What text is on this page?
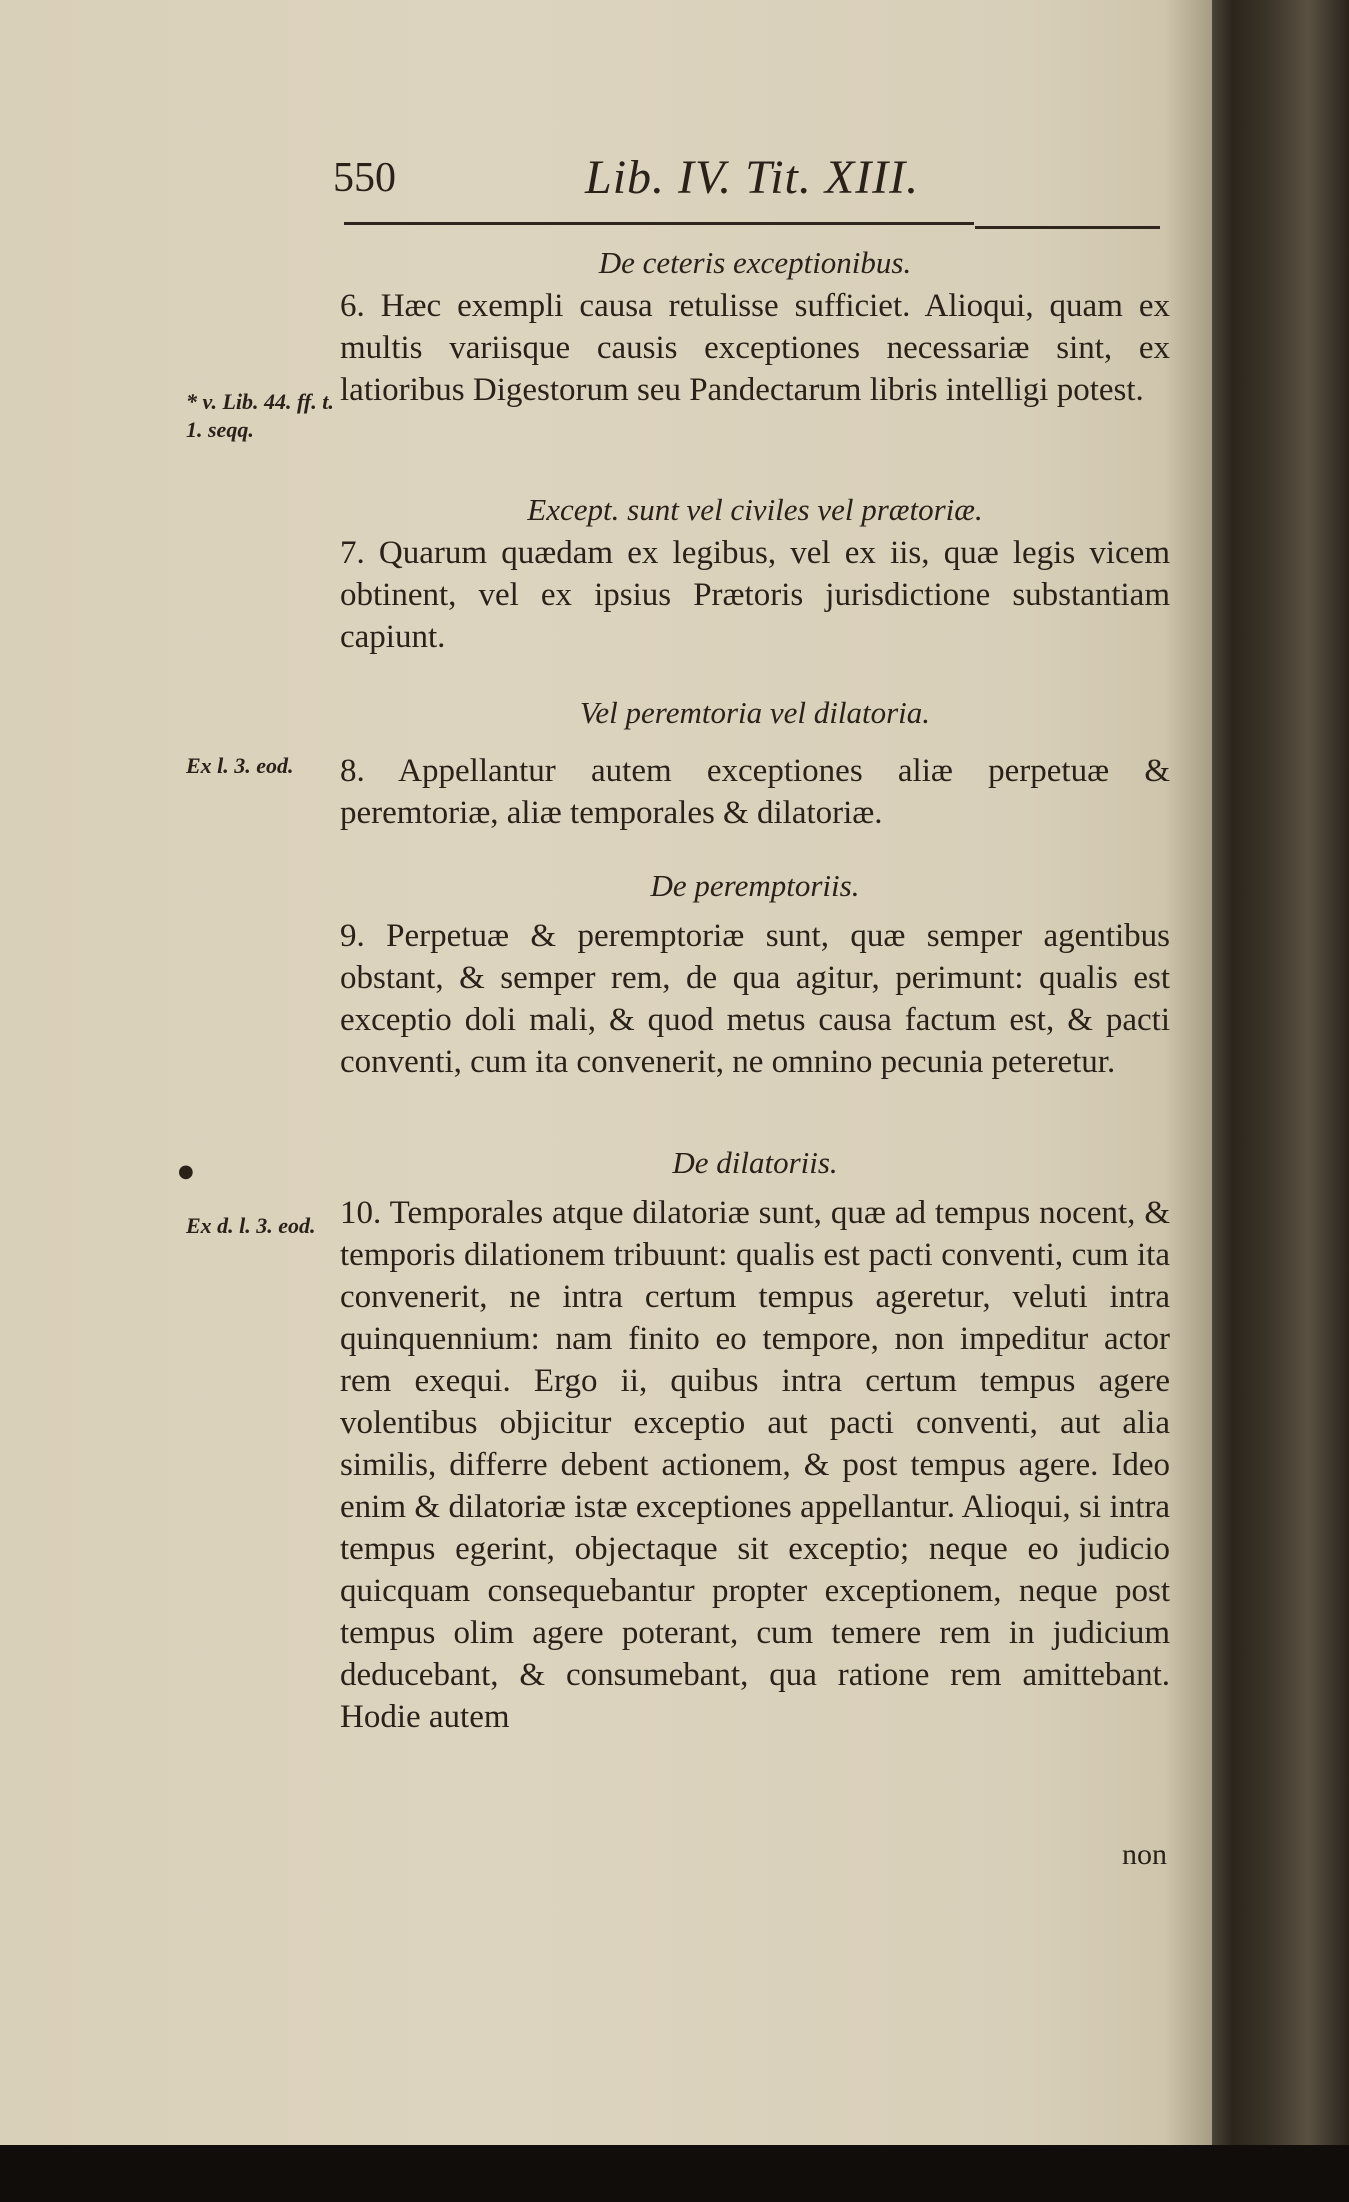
550	Lib. IV. Tit. XIII.
De ceteris exceptionibus.
6. Hæc exempli causa retulisse sufficiet. Alioqui, quam ex multis variisque causis exceptiones necessariæ sint, ex latioribus Digestorum seu Pandectarum libris intelligi potest.
Except. sunt vel civiles vel prætoriæ.
7. Quarum quædam ex legibus, vel ex iis, quæ legis vicem obtinent, vel ex ipsius Prætoris jurisdictione substantiam capiunt.
Vel peremtoria vel dilatoria.
8. Appellantur autem exceptiones aliæ perpetuæ & peremtoriæ, aliæ temporales & dilatoriæ.
De peremptoriis.
9. Perpetuæ & peremptoriæ sunt, quæ semper agentibus obstant, & semper rem, de qua agitur, perimunt: qualis est exceptio doli mali, & quod metus causa factum est, & pacti conventi, cum ita convenerit, ne omnino pecunia peteretur.
De dilatoriis.
10. Temporales atque dilatoriæ sunt, quæ ad tempus nocent, & temporis dilationem tribuunt: qualis est pacti conventi, cum ita convenerit, ne intra certum tempus ageretur, veluti intra quinquennium: nam finito eo tempore, non impeditur actor rem exequi. Ergo ii, quibus intra certum tempus agere volentibus objicitur exceptio aut pacti conventi, aut alia similis, differre debent actionem, & post tempus agere. Ideo enim & dilatoriæ istæ exceptiones appellantur. Alioqui, si intra tempus egerint, objectaque sit exceptio; neque eo judicio quicquam consequebantur propter exceptionem, neque post tempus olim agere poterant, cum temere rem in judicium deducebant, & consumebant, qua ratione rem amittebant. Hodie autem
* v. Lib. 44. ff. t. 1. seqq.
Ex l. 3. eod.
●
Ex d. l. 3. eod.
non
